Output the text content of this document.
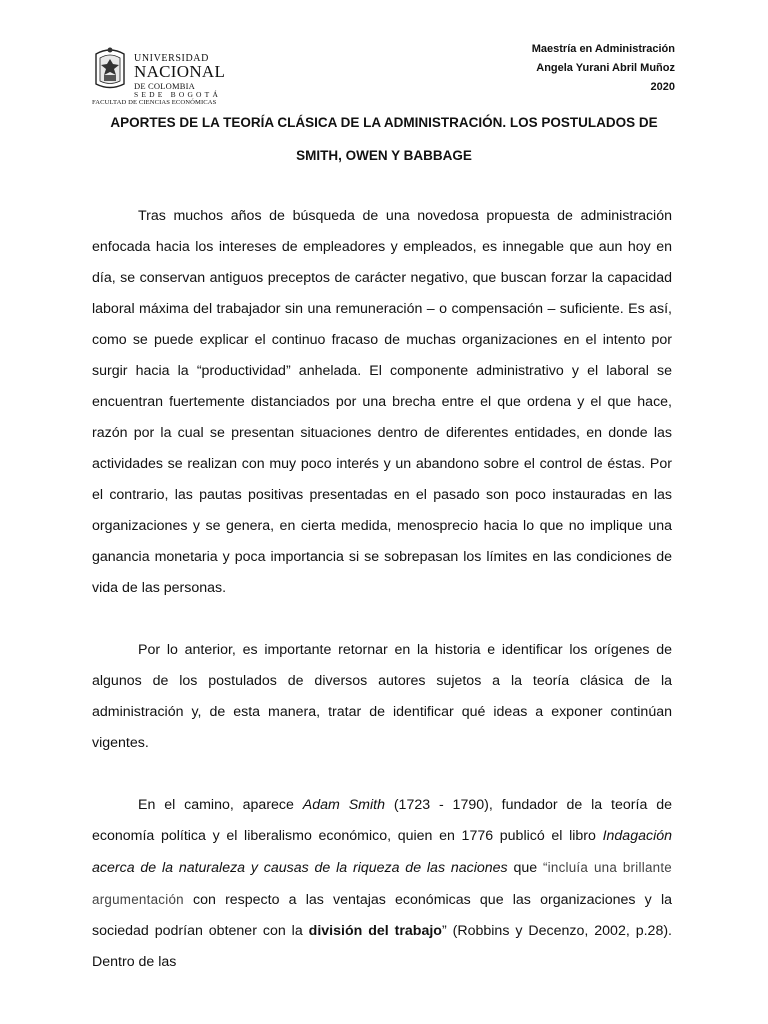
UNIVERSIDAD
NACIONAL
DE COLOMBIA
SEDE BOGOTÁ
FACULTAD DE CIENCIAS ECONÓMICAS
Maestría en Administración
Angela Yurani Abril Muñoz
2020
APORTES DE LA TEORÍA CLÁSICA DE LA ADMINISTRACIÓN. LOS POSTULADOS DE
SMITH, OWEN Y BABBAGE

Tras muchos años de búsqueda de una novedosa propuesta de administración enfocada hacia los intereses de empleadores y empleados, es innegable que aun hoy en día, se conservan antiguos preceptos de carácter negativo, que buscan forzar la capacidad laboral máxima del trabajador sin una remuneración – o compensación – suficiente. Es así, como se puede explicar el continuo fracaso de muchas organizaciones en el intento por surgir hacia la “productividad” anhelada. El componente administrativo y el laboral se encuentran fuertemente distanciados por una brecha entre el que ordena y el que hace, razón por la cual se presentan situaciones dentro de diferentes entidades, en donde las actividades se realizan con muy poco interés y un abandono sobre el control de éstas. Por el contrario, las pautas positivas presentadas en el pasado son poco instauradas en las organizaciones y se genera, en cierta medida, menosprecio hacia lo que no implique una ganancia monetaria y poca importancia si se sobrepasan los límites en las condiciones de vida de las personas.

Por lo anterior, es importante retornar en la historia e identificar los orígenes de algunos de los postulados de diversos autores sujetos a la teoría clásica de la administración y, de esta manera, tratar de identificar qué ideas a exponer continúan vigentes.

En el camino, aparece Adam Smith (1723 - 1790), fundador de la teoría de economía política y el liberalismo económico, quien en 1776 publicó el libro Indagación acerca de la naturaleza y causas de la riqueza de las naciones que “incluía una brillante argumentación con respecto a las ventajas económicas que las organizaciones y la sociedad podrían obtener con la división del trabajo” (Robbins y Decenzo, 2002, p.28). Dentro de las
